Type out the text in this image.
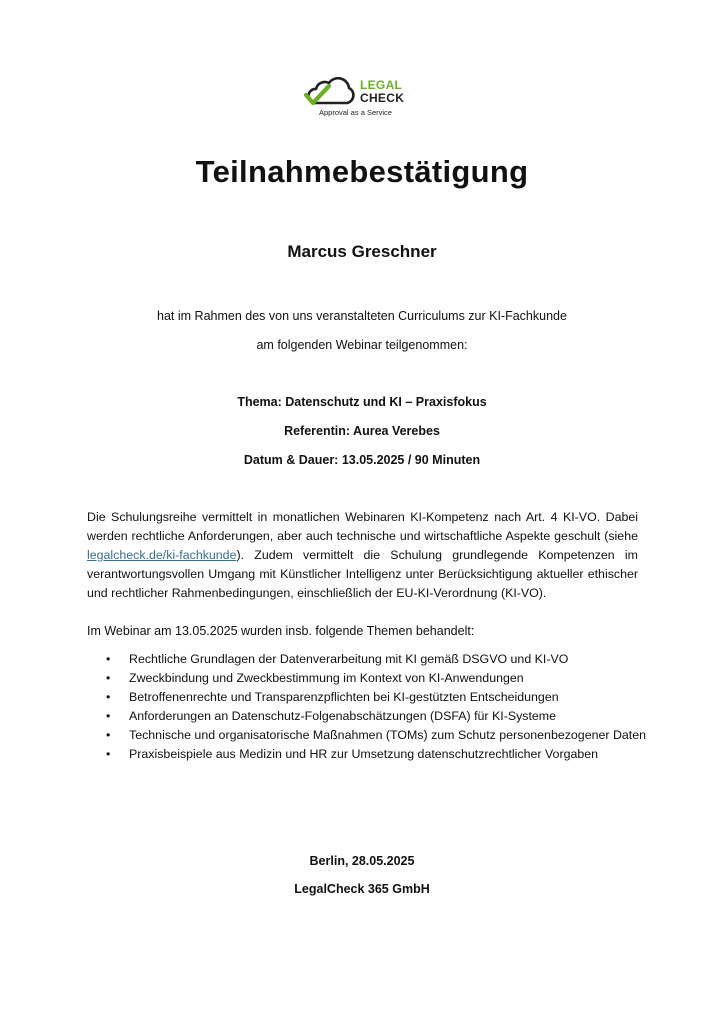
LEGAL
CHECK
Approval as a Service
Teilnahmebestätigung
Marcus Greschner
hat im Rahmen des von uns veranstalteten Curriculums zur KI-Fachkunde
am folgenden Webinar teilgenommen:
Thema: Datenschutz und KI – Praxisfokus
Referentin: Aurea Verebes
Datum & Dauer: 13.05.2025 / 90 Minuten

Die Schulungsreihe vermittelt in monatlichen Webinaren KI-Kompetenz nach Art. 4 KI-VO. Dabei werden rechtliche Anforderungen, aber auch technische und wirtschaftliche Aspekte geschult (siehe legalcheck.de/ki-fachkunde). Zudem vermittelt die Schulung grundlegende Kompetenzen im verantwortungsvollen Umgang mit Künstlicher Intelligenz unter Berücksichtigung aktueller ethischer und rechtlicher Rahmenbedingungen, einschließlich der EU-KI-Verordnung (KI-VO).

Im Webinar am 13.05.2025 wurden insb. folgende Themen behandelt:
• Rechtliche Grundlagen der Datenverarbeitung mit KI gemäß DSGVO und KI-VO
• Zweckbindung und Zweckbestimmung im Kontext von KI-Anwendungen
• Betroffenenrechte und Transparenzpflichten bei KI-gestützten Entscheidungen
• Anforderungen an Datenschutz-Folgenabschätzungen (DSFA) für KI-Systeme
• Technische und organisatorische Maßnahmen (TOMs) zum Schutz personenbezogener Daten
• Praxisbeispiele aus Medizin und HR zur Umsetzung datenschutzrechtlicher Vorgaben
Berlin, 28.05.2025
LegalCheck 365 GmbH
